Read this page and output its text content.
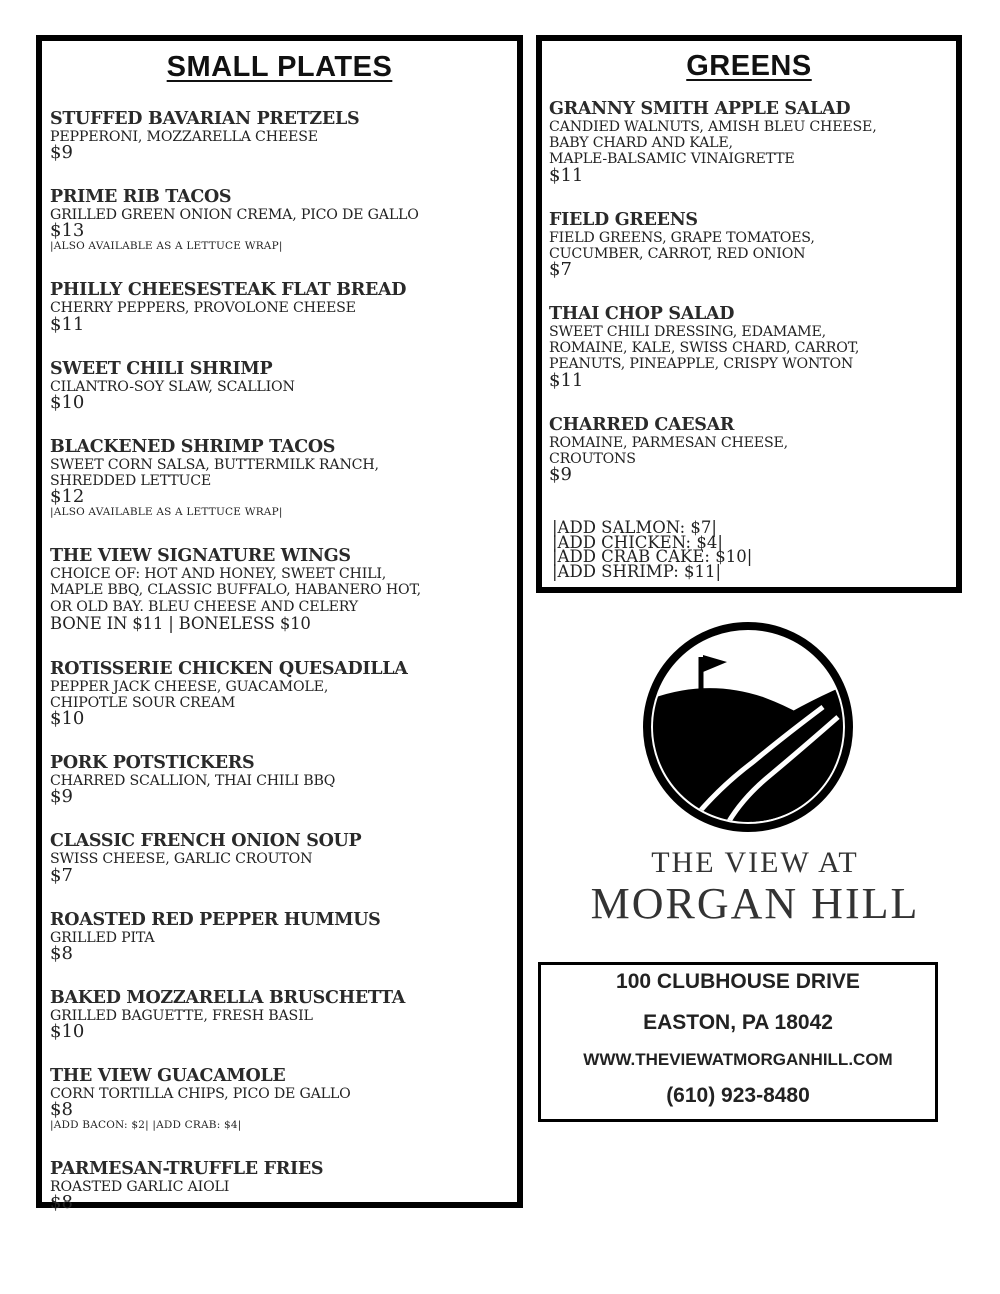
SMALL PLATES
STUFFED BAVARIAN PRETZELS
PEPPERONI, MOZZARELLA CHEESE
$9
PRIME RIB TACOS
GRILLED GREEN ONION CREMA, PICO DE GALLO
$13
|ALSO AVAILABLE AS A LETTUCE WRAP|
PHILLY CHEESESTEAK FLAT BREAD
CHERRY PEPPERS, PROVOLONE CHEESE
$11
SWEET CHILI SHRIMP
CILANTRO-SOY SLAW, SCALLION
$10
BLACKENED SHRIMP TACOS
SWEET CORN SALSA, BUTTERMILK RANCH,
SHREDDED LETTUCE
$12
|ALSO AVAILABLE AS A LETTUCE WRAP|
THE VIEW SIGNATURE WINGS
CHOICE OF: HOT AND HONEY, SWEET CHILI,
MAPLE BBQ, CLASSIC BUFFALO, HABANERO HOT,
OR OLD BAY. BLEU CHEESE AND CELERY
BONE IN $11 | BONELESS $10
ROTISSERIE CHICKEN QUESADILLA
PEPPER JACK CHEESE, GUACAMOLE,
CHIPOTLE SOUR CREAM
$10
PORK POTSTICKERS
CHARRED SCALLION, THAI CHILI BBQ
$9
CLASSIC FRENCH ONION SOUP
SWISS CHEESE, GARLIC CROUTON
$7
ROASTED RED PEPPER HUMMUS
GRILLED PITA
$8
BAKED MOZZARELLA BRUSCHETTA
GRILLED BAGUETTE, FRESH BASIL
$10
THE VIEW GUACAMOLE
CORN TORTILLA CHIPS, PICO DE GALLO
$8
|ADD BACON: $2| |ADD CRAB: $4|
PARMESAN-TRUFFLE FRIES
ROASTED GARLIC AIOLI
$8
GREENS
GRANNY SMITH APPLE SALAD
CANDIED WALNUTS, AMISH BLEU CHEESE,
BABY CHARD AND KALE,
MAPLE-BALSAMIC VINAIGRETTE
$11
FIELD GREENS
FIELD GREENS, GRAPE TOMATOES,
CUCUMBER, CARROT, RED ONION
$7
THAI CHOP SALAD
SWEET CHILI DRESSING, EDAMAME,
ROMAINE, KALE, SWISS CHARD, CARROT,
PEANUTS, PINEAPPLE, CRISPY WONTON
$11
CHARRED CAESAR
ROMAINE, PARMESAN CHEESE,
CROUTONS
$9
|ADD SALMON: $7|
|ADD CHICKEN: $4|
|ADD CRAB CAKE: $10|
|ADD SHRIMP: $11|
THE VIEW AT
MORGAN HILL
100 CLUBHOUSE DRIVE
EASTON, PA 18042
WWW.THEVIEWATMORGANHILL.COM
(610) 923-8480
